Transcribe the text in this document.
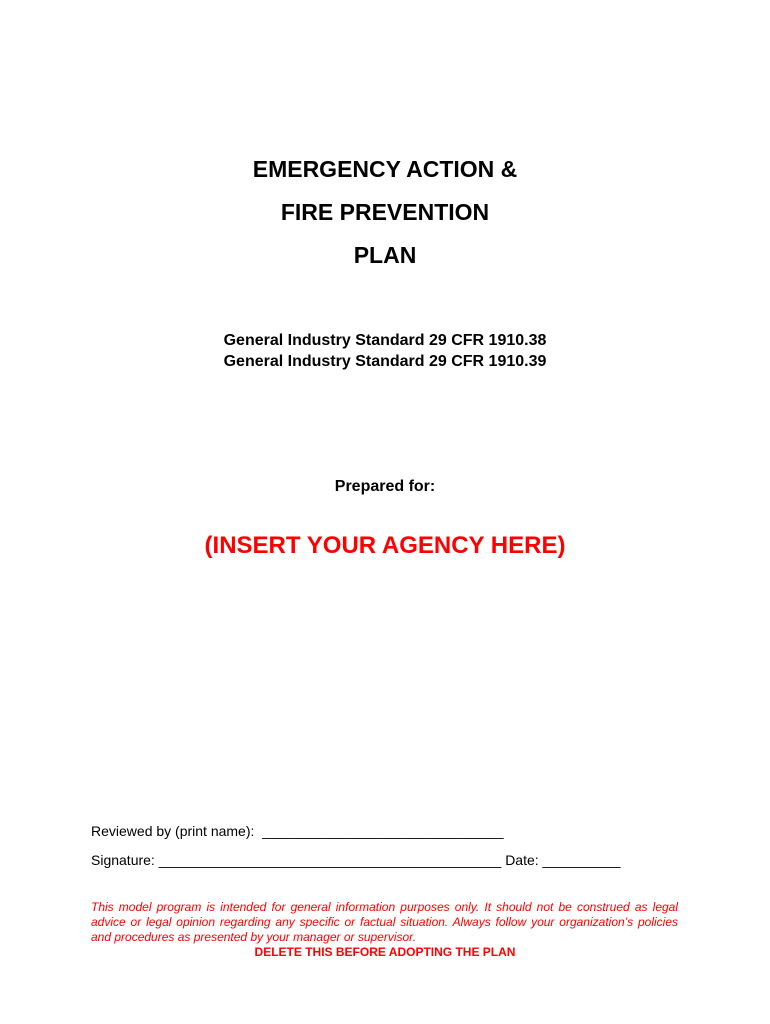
EMERGENCY ACTION &
FIRE PREVENTION
PLAN
General Industry Standard 29 CFR 1910.38
General Industry Standard 29 CFR 1910.39
Prepared for:
(INSERT YOUR AGENCY HERE)
Reviewed by (print name):  _______________________________
Signature: ____________________________________________ Date: __________
This model program is intended for general information purposes only. It should not be construed as legal advice or legal opinion regarding any specific or factual situation. Always follow your organization’s policies and procedures as presented by your manager or supervisor.
DELETE THIS BEFORE ADOPTING THE PLAN
